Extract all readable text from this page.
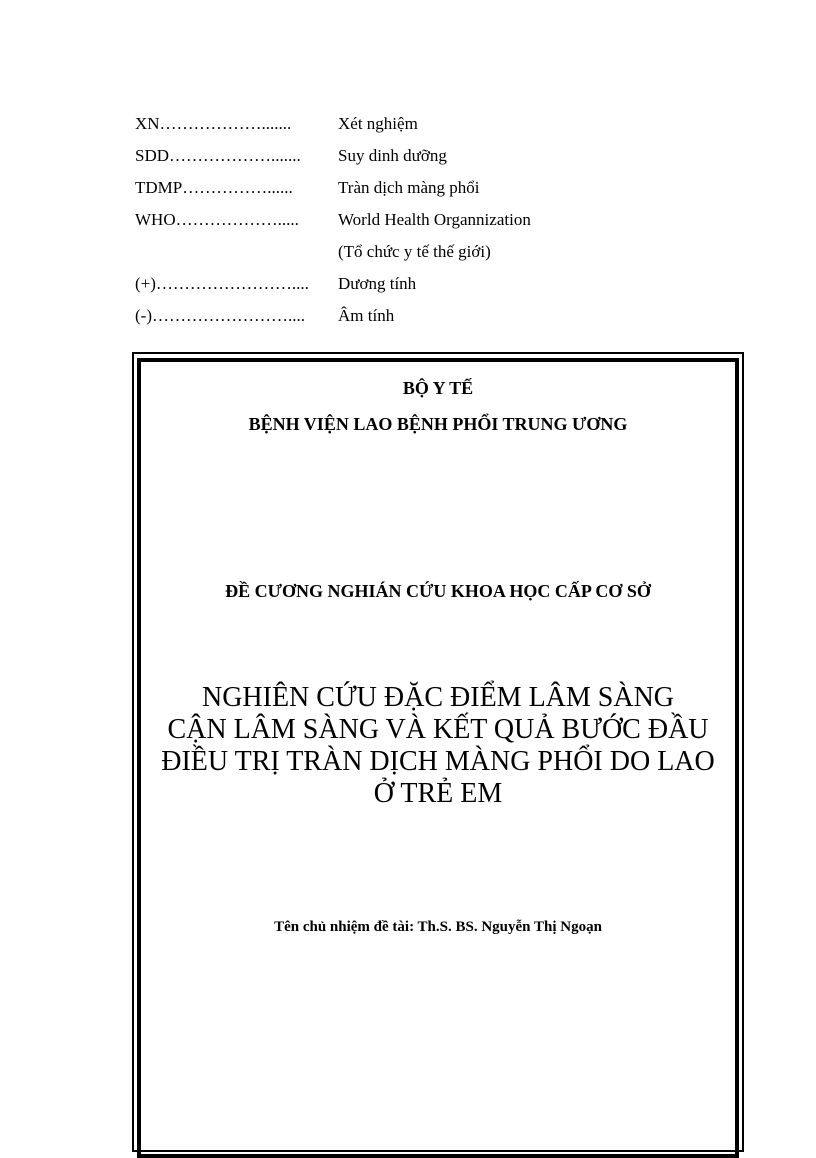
XN……………….......	Xét nghiệm
SDD………………....... Suy dinh dưỡng
TDMP……………......	Tràn dịch màng phổi
WHO………………..... World Health Organnization
(Tổ chức y tế thế giới)
(+)…………………….... Dương tính
(-)…………………….... Âm tính
BỘ Y TẾ
BỆNH VIỆN LAO BỆNH PHỔI TRUNG ƯƠNG
ĐỀ CƯƠNG NGHIÁN CỨU KHOA HỌC CẤP CƠ SỞ
NGHIÊN CỨU ĐẶC ĐIỂM LÂM SÀNG
CẬN LÂM SÀNG VÀ KẾT QUẢ BƯỚC ĐẦU
ĐIỀU TRỊ TRÀN DỊCH MÀNG PHỔI DO LAO
Ở TRẺ EM
Tên chủ nhiệm đề tài: Th.S. BS. Nguyễn Thị Ngoạn
